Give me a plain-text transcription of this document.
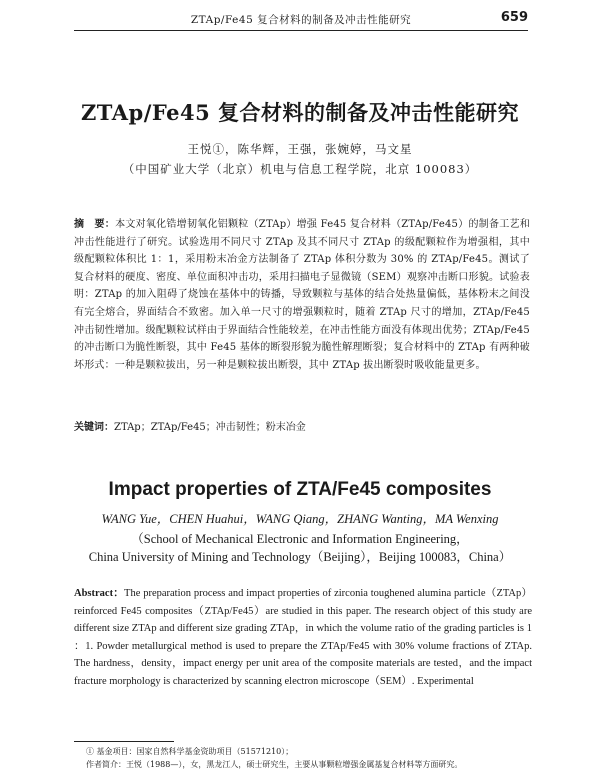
ZTAp/Fe45 复合材料的制备及冲击性能研究	659
ZTAp/Fe45 复合材料的制备及冲击性能研究
王悦①，陈华辉，王强，张婉婷，马文星
（中国矿业大学（北京）机电与信息工程学院，北京 100083）
摘　要：本文对氧化锆增韧氧化铝颗粒（ZTAp）增强 Fe45 复合材料（ZTAp/Fe45）的制备工艺和冲击性能进行了研究。试验选用不同尺寸 ZTAp 及其不同尺寸 ZTAp 的级配颗粒作为增强相，其中级配颗粒体积比 1：1，采用粉末冶金方法制备了 ZTAp 体积分数为 30% 的 ZTAp/Fe45。测试了复合材料的硬度、密度、单位面积冲击功，采用扫描电子显微镜（SEM）观察冲击断口形貌。试验表明：ZTAp 的加入阻碍了烧蚀在基体中的铸播，导致颗粒与基体的结合处热量偏低，基体粉末之间没有完全熔合，界面结合不致密。加入单一尺寸的增强颗粒时，随着 ZTAp 尺寸的增加，ZTAp/Fe45 冲击韧性增加。级配颗粒试样由于界面结合性能较差，在冲击性能方面没有体现出优势；ZTAp/Fe45 的冲击断口为脆性断裂，其中 Fe45 基体的断裂形貌为脆性解理断裂；复合材料中的 ZTAp 有两种破坏形式：一种是颗粒拔出，另一种是颗粒拔出断裂，其中 ZTAp 拔出断裂时吸收能量更多。
关键词：ZTAp；ZTAp/Fe45；冲击韧性；粉末冶金
Impact properties of ZTA/Fe45 composites
WANG Yue，CHEN Huahui，WANG Qiang，ZHANG Wanting，MA Wenxing
（School of Mechanical Electronic and Information Engineering，
China University of Mining and Technology（Beijing），Beijing 100083，China）
Abstract：The preparation process and impact properties of zirconia toughened alumina particle（ZTAp）reinforced Fe45 composites（ZTAp/Fe45）are studied in this paper. The research object of this study are different size ZTAp and different size grading ZTAp，in which the volume ratio of the grading particles is 1 ：1. Powder metallurgical method is used to prepare the ZTAp/Fe45 with 30% volume fractions of ZTAp. The hardness，density，impact energy per unit area of the composite materials are tested，and the impact fracture morphology is characterized by scanning electron microscope（SEM）. Experimental
① 基金项目：国家自然科学基金资助项目（51571210）；
作者简介：王悦（1988—），女，黑龙江人，硕士研究生，主要从事颗粒增强金属基复合材料等方面研究。
